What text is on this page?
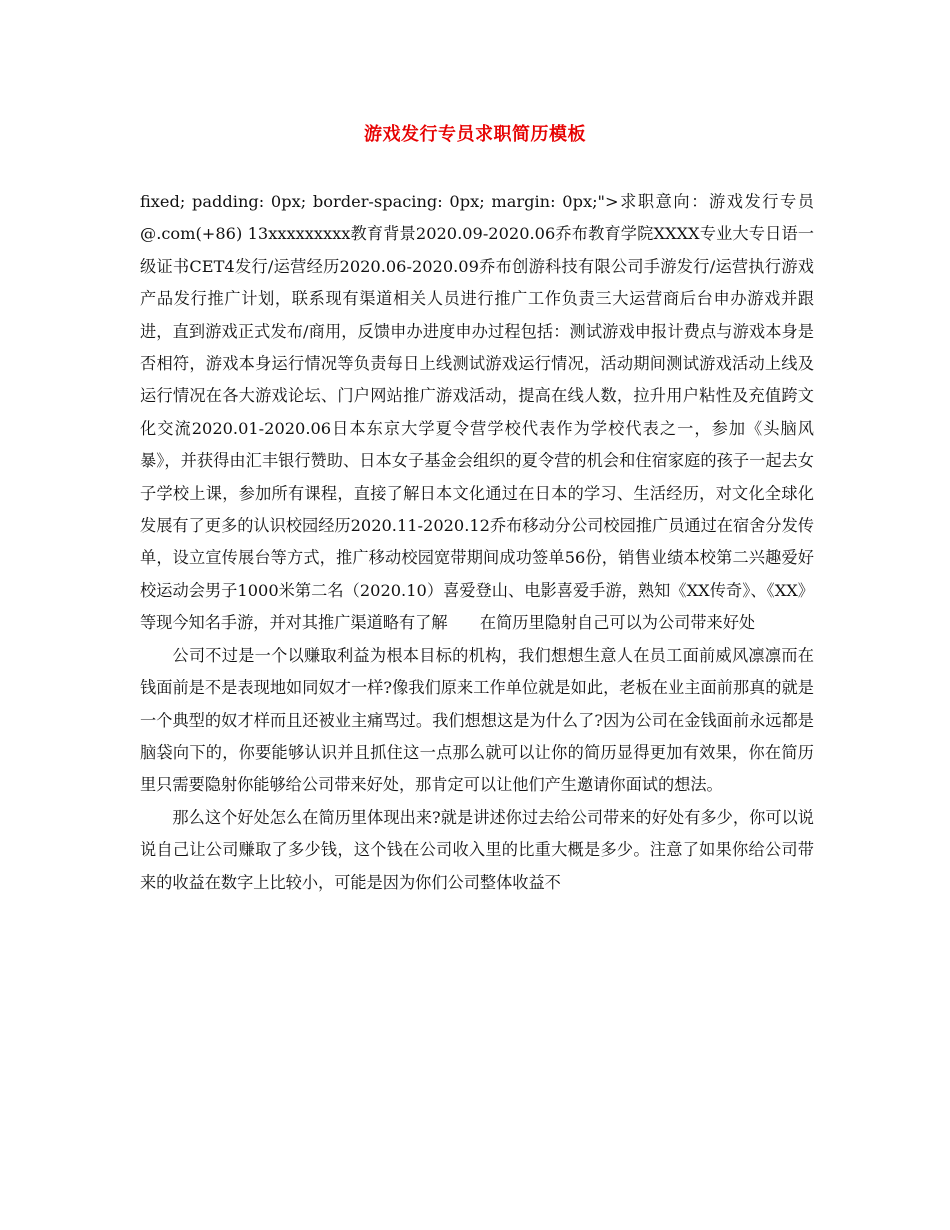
游戏发行专员求职简历模板

fixed; padding: 0px; border-spacing: 0px; margin: 0px;">求职意向：游戏发行专员@.com(+86) 13xxxxxxxxx教育背景2020.09-2020.06乔布教育学院XXXX专业大专日语一级证书CET4发行/运营经历2020.06-2020.09乔布创游科技有限公司手游发行/运营执行游戏产品发行推广计划，联系现有渠道相关人员进行推广工作负责三大运营商后台申办游戏并跟进，直到游戏正式发布/商用，反馈申办进度申办过程包括：测试游戏申报计费点与游戏本身是否相符，游戏本身运行情况等负责每日上线测试游戏运行情况，活动期间测试游戏活动上线及运行情况在各大游戏论坛、门户网站推广游戏活动，提高在线人数，拉升用户粘性及充值跨文化交流2020.01-2020.06日本东京大学夏令营学校代表作为学校代表之一，参加《头脑风暴》，并获得由汇丰银行赞助、日本女子基金会组织的夏令营的机会和住宿家庭的孩子一起去女子学校上课，参加所有课程，直接了解日本文化通过在日本的学习、生活经历，对文化全球化发展有了更多的认识校园经历2020.11-2020.12乔布移动分公司校园推广员通过在宿舍分发传单，设立宣传展台等方式，推广移动校园宽带期间成功签单56份，销售业绩本校第二兴趣爱好校运动会男子1000米第二名（2020.10）喜爱登山、电影喜爱手游，熟知《XX传奇》、《XX》等现今知名手游，并对其推广渠道略有了解　　在简历里隐射自己可以为公司带来好处

公司不过是一个以赚取利益为根本目标的机构，我们想想生意人在员工面前威风凛凛而在钱面前是不是表现地如同奴才一样?像我们原来工作单位就是如此，老板在业主面前那真的就是一个典型的奴才样而且还被业主痛骂过。我们想想这是为什么了?因为公司在金钱面前永远都是脑袋向下的，你要能够认识并且抓住这一点那么就可以让你的简历显得更加有效果，你在简历里只需要隐射你能够给公司带来好处，那肯定可以让他们产生邀请你面试的想法。

那么这个好处怎么在简历里体现出来?就是讲述你过去给公司带来的好处有多少，你可以说说自己让公司赚取了多少钱，这个钱在公司收入里的比重大概是多少。注意了如果你给公司带来的收益在数字上比较小，可能是因为你们公司整体收益不
